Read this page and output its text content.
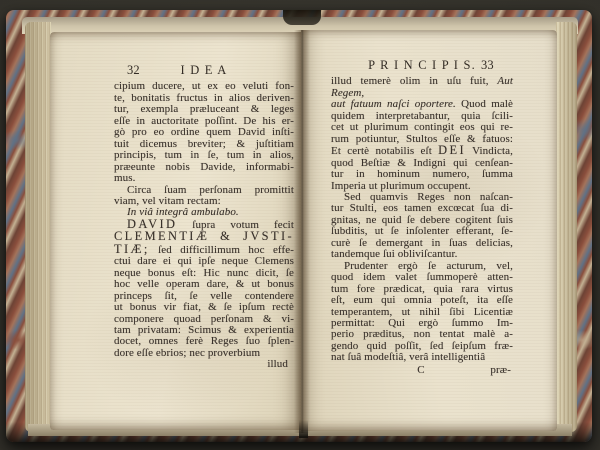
32	I D E A
cipium ducere, ut ex eo veluti fon-
te, bonitatis fructus in alios deriven-
tur, exempla præluceant & leges
eſſe in auctoritate poſſint. De his er-
gò pro eo ordine quem David inſti-
tuit dicemus breviter; & juſtitiam
principis, tum in ſe, tum in alios,
præeunte nobis Davide, informabi-
mus.
Circa ſuam perſonam promittit
viam, vel vitam rectam:
In viâ integrâ ambulabo.
DAVID ſupra votum fecit
CLEMENTIÆ & JVSTI-
TIÆ; ſed difficillimum hoc effe-
ctui dare ei qui ipſe neque Clemens
neque bonus eſt: Hic nunc dicit, ſe
hoc velle operam dare, & ut bonus
princeps ſit, ſe velle contendere
ut bonus vir fiat, & ſe ipſum rectè
componere quoad perſonam & vi-
tam privatam: Scimus & experientia
docet, omnes ferè Reges ſuo ſplen-
dore eſſe ebrios; nec proverbium
illud
P R I N C I P I S. 33
illud temerè olim in uſu fuit, Aut Regem,
aut fatuum naſci oportere. Quod malè
quidem interpretabantur, quia ſcili-
cet ut plurimum contingit eos qui re-
rum potiuntur, Stultos eſſe & fatuos:
Et certè notabilis eſt DEI Vindicta,
quod Beſtiæ & Indigni qui cenſean-
tur in hominum numero, ſumma
Imperia ut plurimum occupent.
Sed quamvis Reges non naſcan-
tur Stulti, eos tamen excœcat ſua di-
gnitas, ne quid ſe debere cogitent ſuis
ſubditis, ut ſe inſolenter efferant, ſe-
curè ſe demergant in ſuas delicias,
tandemque ſui obliviſcantur.
Prudenter ergò ſe acturum, vel,
quod idem valet ſummoperè atten-
tum fore prædicat, quia rara virtus
eſt, eum qui omnia poteſt, ita eſſe
temperantem, ut nihil ſibi Licentiæ
permittat: Qui ergò ſummo Im-
perio præditus, non tentat malè a-
gendo quid poſſit, ſed ſeipſum fræ-
nat ſuâ modeſtiâ, verâ intelligentiâ
C	præ-
